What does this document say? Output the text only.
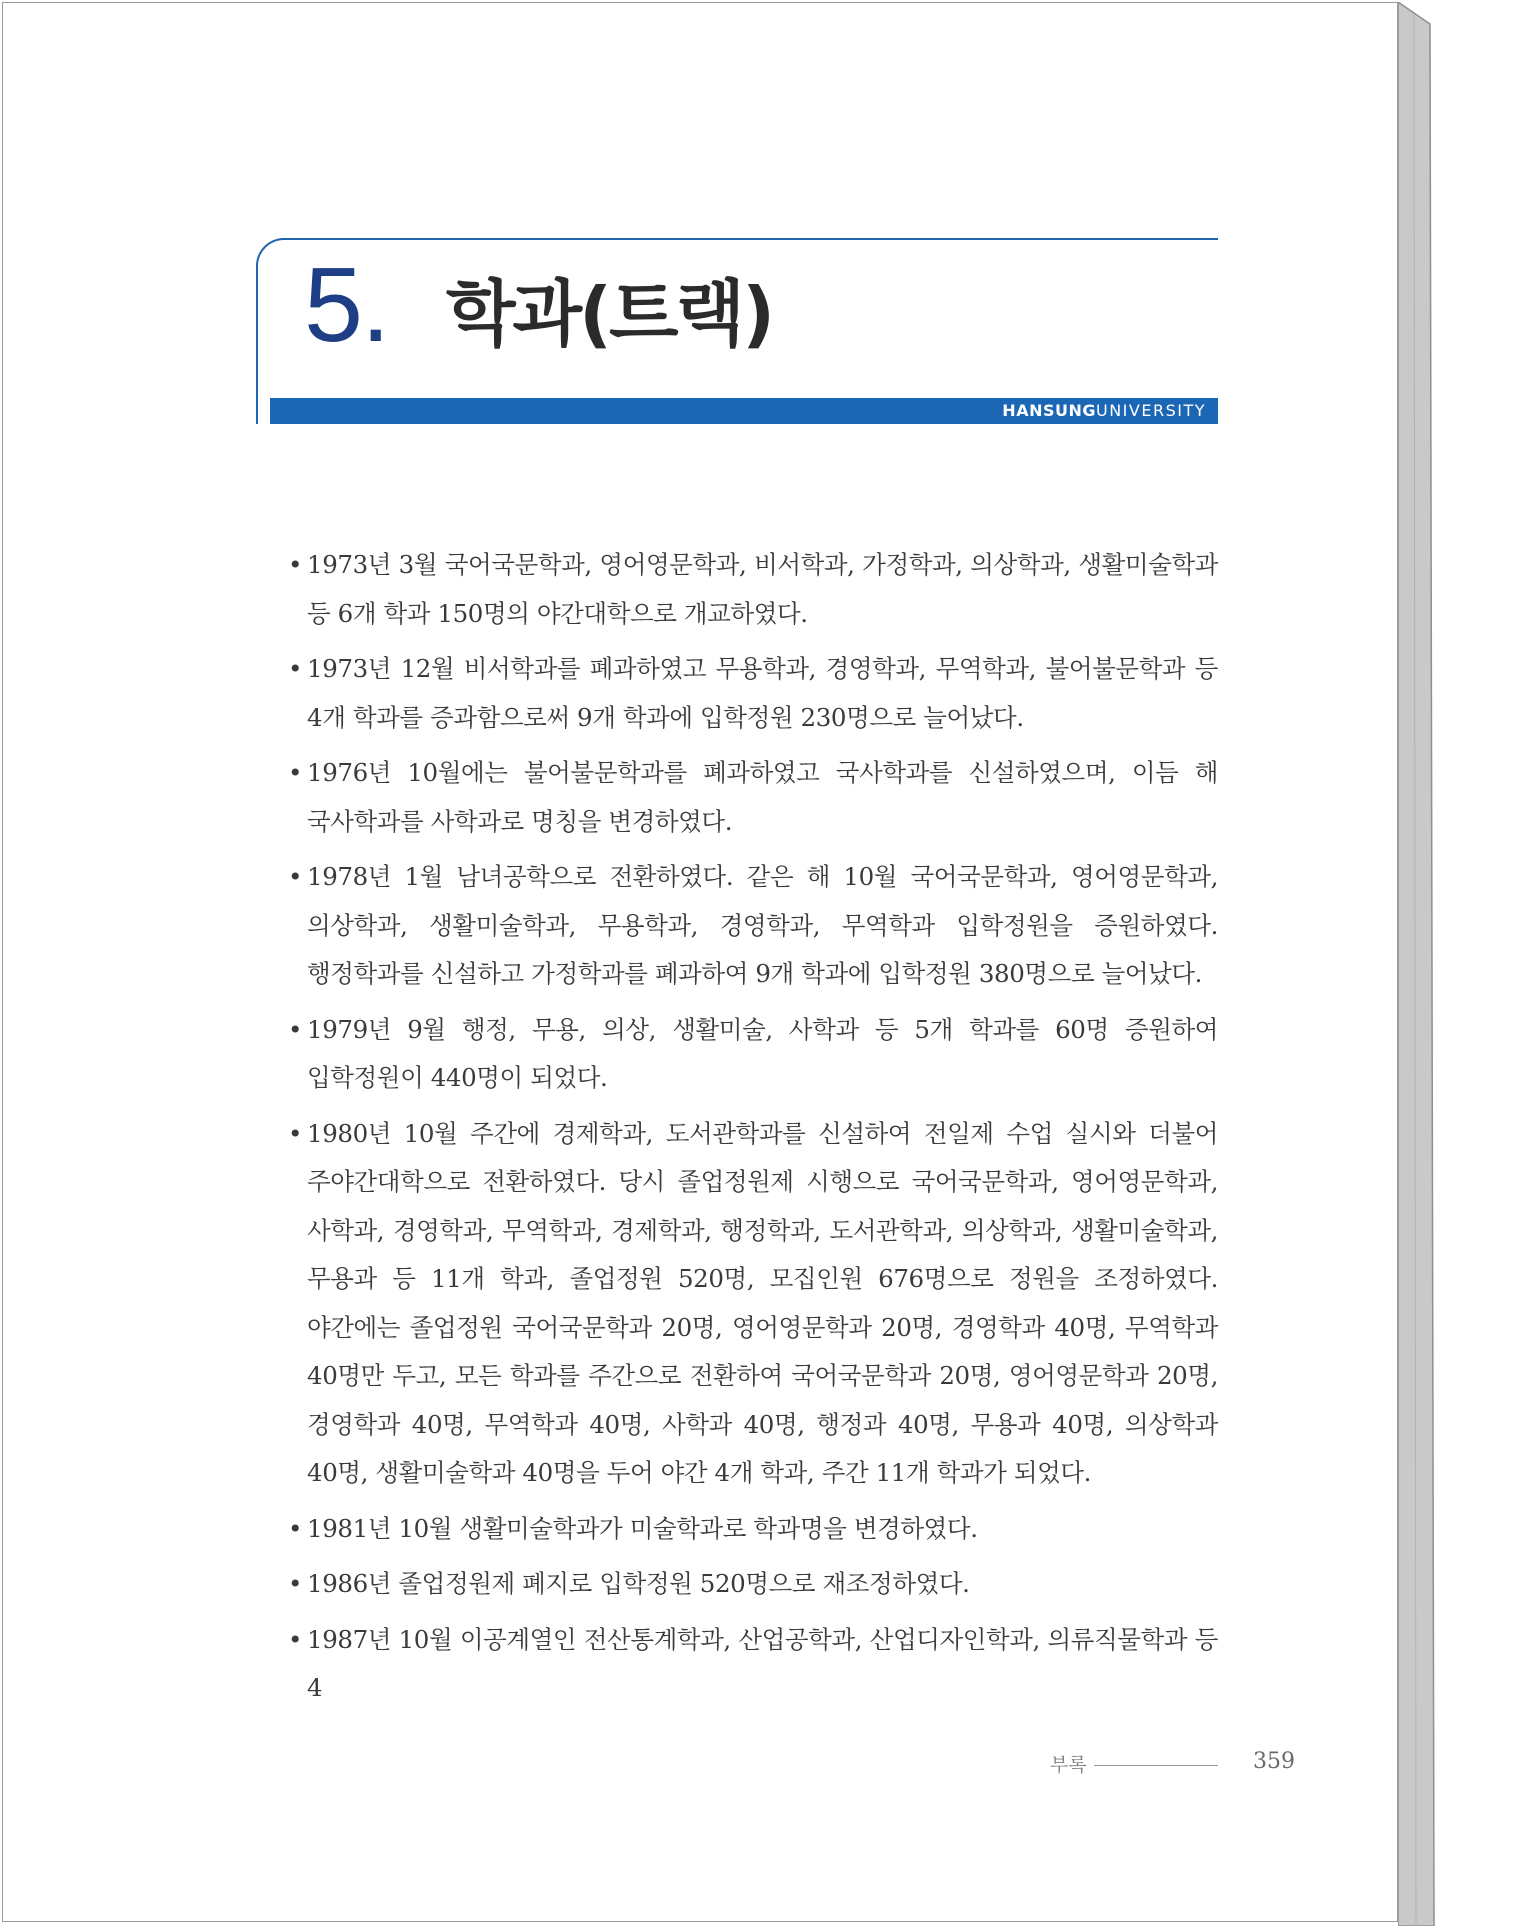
5. 학과(트랙)
HANSUNGUNIVERSITY
• 1973년 3월 국어국문학과, 영어영문학과, 비서학과, 가정학과, 의상학과, 생활미술학과 등 6개 학과 150명의 야간대학으로 개교하였다.
• 1973년 12월 비서학과를 폐과하였고 무용학과, 경영학과, 무역학과, 불어불문학과 등 4개 학과를 증과함으로써 9개 학과에 입학정원 230명으로 늘어났다.
• 1976년 10월에는 불어불문학과를 폐과하였고 국사학과를 신설하였으며, 이듬 해 국사학과를 사학과로 명칭을 변경하였다.
• 1978년 1월 남녀공학으로 전환하였다. 같은 해 10월 국어국문학과, 영어영문학과, 의상학과, 생활미술학과, 무용학과, 경영학과, 무역학과 입학정원을 증원하였다. 행정학과를 신설하고 가정학과를 폐과하여 9개 학과에 입학정원 380명으로 늘어났다.
• 1979년 9월 행정, 무용, 의상, 생활미술, 사학과 등 5개 학과를 60명 증원하여 입학정원이 440명이 되었다.
• 1980년 10월 주간에 경제학과, 도서관학과를 신설하여 전일제 수업 실시와 더불어 주야간대학으로 전환하였다. 당시 졸업정원제 시행으로 국어국문학과, 영어영문학과, 사학과, 경영학과, 무역학과, 경제학과, 행정학과, 도서관학과, 의상학과, 생활미술학과, 무용과 등 11개 학과, 졸업정원 520명, 모집인원 676명으로 정원을 조정하였다. 야간에는 졸업정원 국어국문학과 20명, 영어영문학과 20명, 경영학과 40명, 무역학과 40명만 두고, 모든 학과를 주간으로 전환하여 국어국문학과 20명, 영어영문학과 20명, 경영학과 40명, 무역학과 40명, 사학과 40명, 행정과 40명, 무용과 40명, 의상학과 40명, 생활미술학과 40명을 두어 야간 4개 학과, 주간 11개 학과가 되었다.
• 1981년 10월 생활미술학과가 미술학과로 학과명을 변경하였다.
• 1986년 졸업정원제 폐지로 입학정원 520명으로 재조정하였다.
• 1987년 10월 이공계열인 전산통계학과, 산업공학과, 산업디자인학과, 의류직물학과 등 4
부록	359
